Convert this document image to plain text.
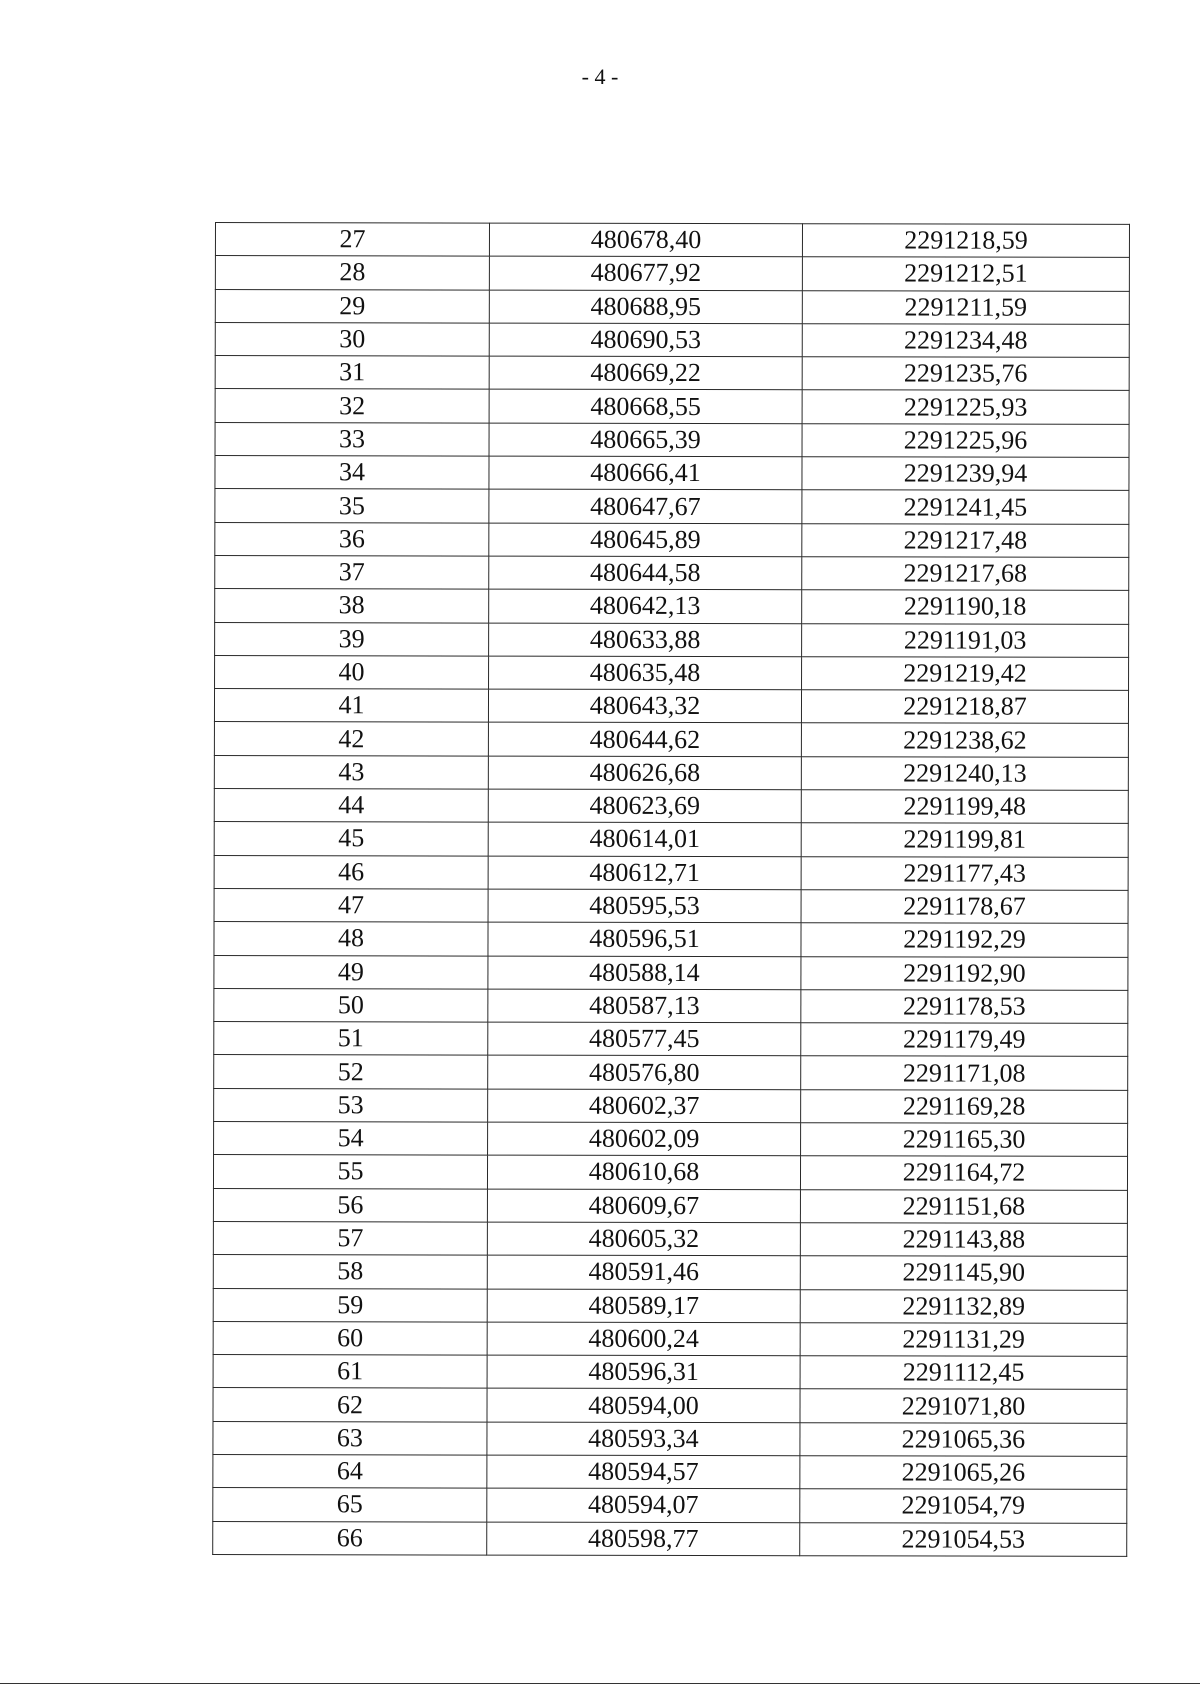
- 4 -
27	480678,40	2291218,59
28	480677,92	2291212,51
29	480688,95	2291211,59
30	480690,53	2291234,48
31	480669,22	2291235,76
32	480668,55	2291225,93
33	480665,39	2291225,96
34	480666,41	2291239,94
35	480647,67	2291241,45
36	480645,89	2291217,48
37	480644,58	2291217,68
38	480642,13	2291190,18
39	480633,88	2291191,03
40	480635,48	2291219,42
41	480643,32	2291218,87
42	480644,62	2291238,62
43	480626,68	2291240,13
44	480623,69	2291199,48
45	480614,01	2291199,81
46	480612,71	2291177,43
47	480595,53	2291178,67
48	480596,51	2291192,29
49	480588,14	2291192,90
50	480587,13	2291178,53
51	480577,45	2291179,49
52	480576,80	2291171,08
53	480602,37	2291169,28
54	480602,09	2291165,30
55	480610,68	2291164,72
56	480609,67	2291151,68
57	480605,32	2291143,88
58	480591,46	2291145,90
59	480589,17	2291132,89
60	480600,24	2291131,29
61	480596,31	2291112,45
62	480594,00	2291071,80
63	480593,34	2291065,36
64	480594,57	2291065,26
65	480594,07	2291054,79
66	480598,77	2291054,53
